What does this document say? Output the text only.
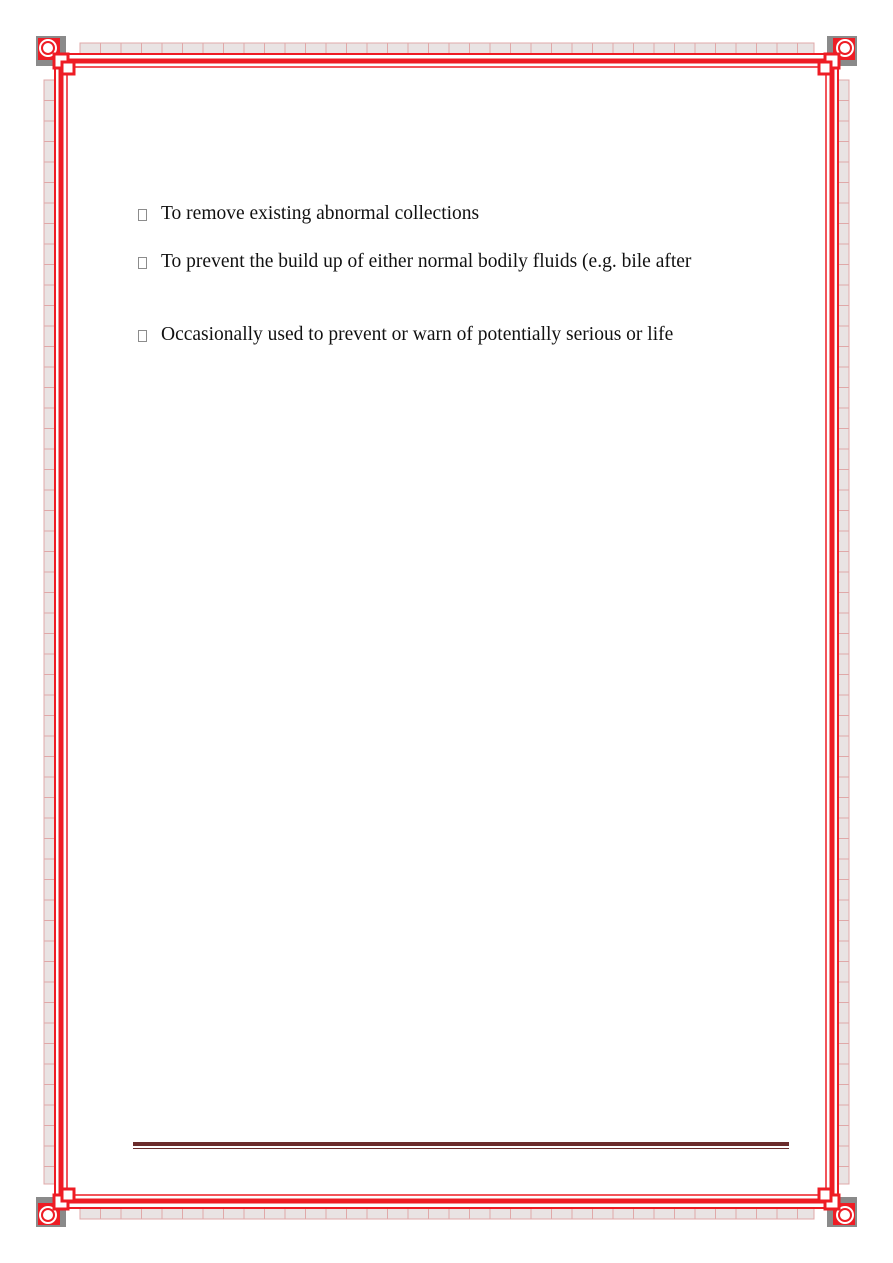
To remove existing abnormal collections
To prevent the build up of either normal bodily fluids (e.g. bile after
Occasionally used to prevent or warn of potentially serious or life
